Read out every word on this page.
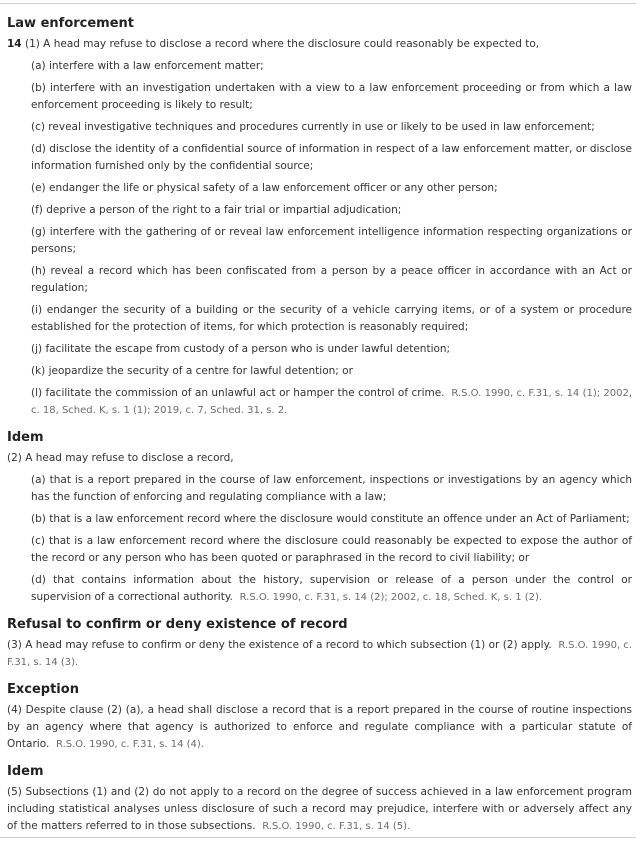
Law enforcement

14 (1) A head may refuse to disclose a record where the disclosure could reasonably be expected to,

(a) interfere with a law enforcement matter;

(b) interfere with an investigation undertaken with a view to a law enforcement proceeding or from which a law enforcement proceeding is likely to result;

(c) reveal investigative techniques and procedures currently in use or likely to be used in law enforcement;

(d) disclose the identity of a confidential source of information in respect of a law enforcement matter, or disclose information furnished only by the confidential source;

(e) endanger the life or physical safety of a law enforcement officer or any other person;

(f) deprive a person of the right to a fair trial or impartial adjudication;

(g) interfere with the gathering of or reveal law enforcement intelligence information respecting organizations or persons;

(h) reveal a record which has been confiscated from a person by a peace officer in accordance with an Act or regulation;

(i) endanger the security of a building or the security of a vehicle carrying items, or of a system or procedure established for the protection of items, for which protection is reasonably required;

(j) facilitate the escape from custody of a person who is under lawful detention;

(k) jeopardize the security of a centre for lawful detention; or

(l) facilitate the commission of an unlawful act or hamper the control of crime. R.S.O. 1990, c. F.31, s. 14 (1); 2002, c. 18, Sched. K, s. 1 (1); 2019, c. 7, Sched. 31, s. 2.

Idem

(2) A head may refuse to disclose a record,

(a) that is a report prepared in the course of law enforcement, inspections or investigations by an agency which has the function of enforcing and regulating compliance with a law;

(b) that is a law enforcement record where the disclosure would constitute an offence under an Act of Parliament;

(c) that is a law enforcement record where the disclosure could reasonably be expected to expose the author of the record or any person who has been quoted or paraphrased in the record to civil liability; or

(d) that contains information about the history, supervision or release of a person under the control or supervision of a correctional authority. R.S.O. 1990, c. F.31, s. 14 (2); 2002, c. 18, Sched. K, s. 1 (2).

Refusal to confirm or deny existence of record

(3) A head may refuse to confirm or deny the existence of a record to which subsection (1) or (2) apply. R.S.O. 1990, c. F.31, s. 14 (3).

Exception

(4) Despite clause (2) (a), a head shall disclose a record that is a report prepared in the course of routine inspections by an agency where that agency is authorized to enforce and regulate compliance with a particular statute of Ontario. R.S.O. 1990, c. F.31, s. 14 (4).

Idem

(5) Subsections (1) and (2) do not apply to a record on the degree of success achieved in a law enforcement program including statistical analyses unless disclosure of such a record may prejudice, interfere with or adversely affect any of the matters referred to in those subsections. R.S.O. 1990, c. F.31, s. 14 (5).
